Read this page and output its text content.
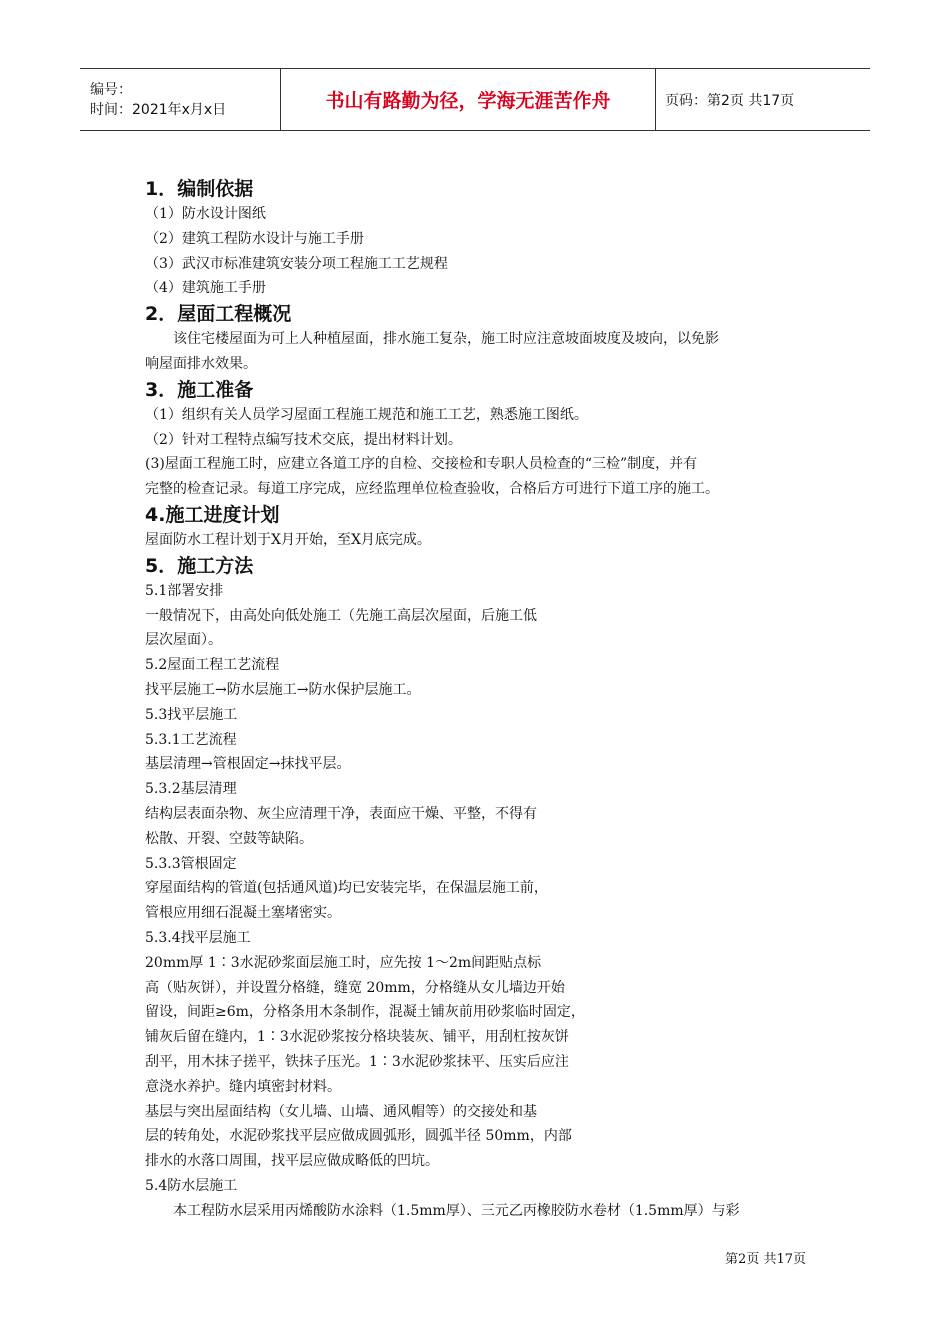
编号：
时间：2021年x月x日	书山有路勤为径，学海无涯苦作舟	页码：第2页 共17页
1．编制依据
（1）防水设计图纸
（2）建筑工程防水设计与施工手册
（3）武汉市标准建筑安装分项工程施工工艺规程
（4）建筑施工手册
2．屋面工程概况
该住宅楼屋面为可上人种植屋面，排水施工复杂，施工时应注意坡面坡度及坡向，以免影
响屋面排水效果。
3．施工准备
（1）组织有关人员学习屋面工程施工规范和施工工艺，熟悉施工图纸。
（2）针对工程特点编写技术交底，提出材料计划。
(3)屋面工程施工时，应建立各道工序的自检、交接检和专职人员检查的“三检”制度，并有
完整的检查记录。每道工序完成，应经监理单位检查验收，合格后方可进行下道工序的施工。
4.施工进度计划
屋面防水工程计划于X月开始，至X月底完成。
5．施工方法
5.1部署安排
一般情况下，由高处向低处施工（先施工高层次屋面，后施工低
层次屋面）。
5.2屋面工程工艺流程
找平层施工→防水层施工→防水保护层施工。
5.3找平层施工
5.3.1工艺流程
基层清理→管根固定→抹找平层。
5.3.2基层清理
结构层表面杂物、灰尘应清理干净，表面应干燥、平整，不得有
松散、开裂、空鼓等缺陷。
5.3.3管根固定
穿屋面结构的管道(包括通风道)均已安装完毕，在保温层施工前，
管根应用细石混凝土塞堵密实。
5.3.4找平层施工
20mm厚 1∶3水泥砂浆面层施工时，应先按 1～2m间距贴点标
高（贴灰饼），并设置分格缝，缝宽 20mm，分格缝从女儿墙边开始
留设，间距≥6m，分格条用木条制作，混凝土铺灰前用砂浆临时固定，
铺灰后留在缝内，1∶3水泥砂浆按分格块装灰、铺平，用刮杠按灰饼
刮平，用木抹子搓平，铁抹子压光。1∶3水泥砂浆抹平、压实后应注
意浇水养护。缝内填密封材料。
基层与突出屋面结构（女儿墙、山墙、通风帽等）的交接处和基
层的转角处，水泥砂浆找平层应做成圆弧形，圆弧半径 50mm，内部
排水的水落口周围，找平层应做成略低的凹坑。
5.4防水层施工
本工程防水层采用丙烯酸防水涂料（1.5mm厚）、三元乙丙橡胶防水卷材（1.5mm厚）与彩
第2页 共17页
